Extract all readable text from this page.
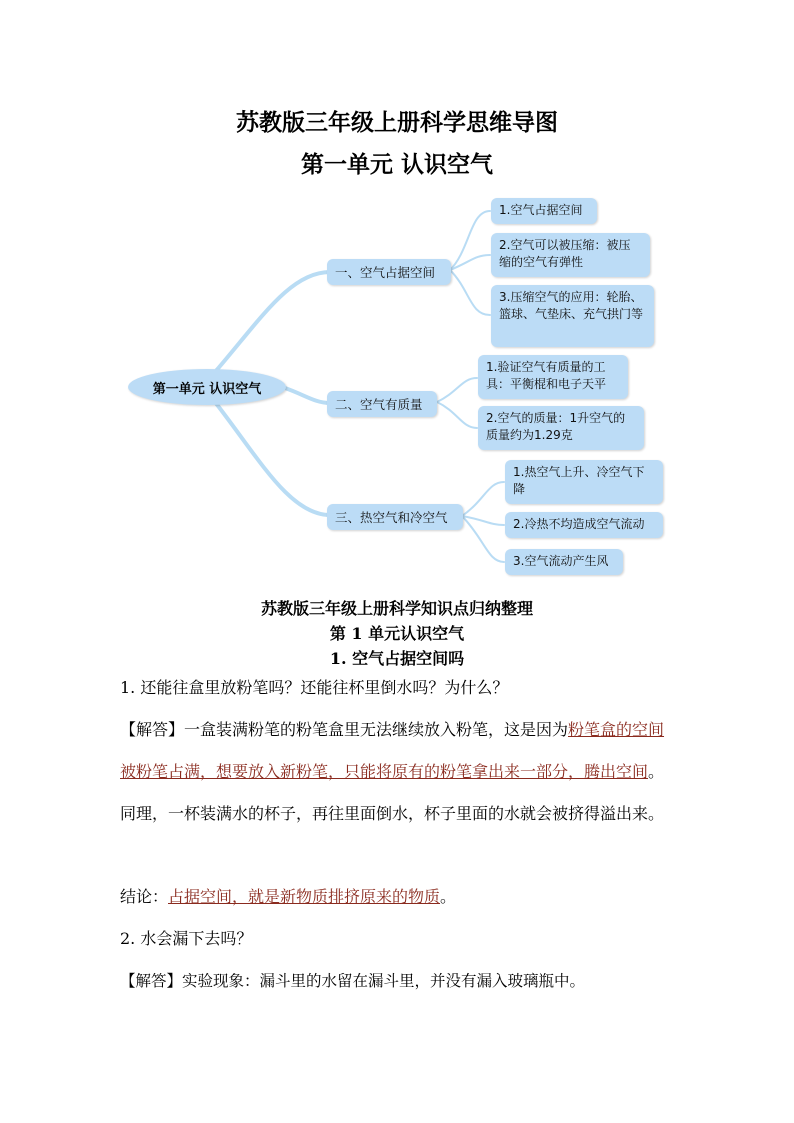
苏教版三年级上册科学思维导图
第一单元 认识空气
第一单元 认识空气
一、空气占据空间
二、空气有质量
三、热空气和冷空气
1.空气占据空间
2.空气可以被压缩：被压缩的空气有弹性
3.压缩空气的应用：轮胎、篮球、气垫床、充气拱门等
1.验证空气有质量的工具：平衡棍和电子天平
2.空气的质量：1升空气的质量约为1.29克
1.热空气上升、冷空气下降
2.冷热不均造成空气流动
3.空气流动产生风
苏教版三年级上册科学知识点归纳整理
第 1 单元认识空气
1. 空气占据空间吗
1. 还能往盒里放粉笔吗？还能往杯里倒水吗？为什么？
【解答】一盒装满粉笔的粉笔盒里无法继续放入粉笔，这是因为粉笔盒的空间被粉笔占满，想要放入新粉笔，只能将原有的粉笔拿出来一部分，腾出空间。同理，一杯装满水的杯子，再往里面倒水，杯子里面的水就会被挤得溢出来。
结论：占据空间，就是新物质排挤原来的物质。
2. 水会漏下去吗？
【解答】实验现象：漏斗里的水留在漏斗里，并没有漏入玻璃瓶中。
